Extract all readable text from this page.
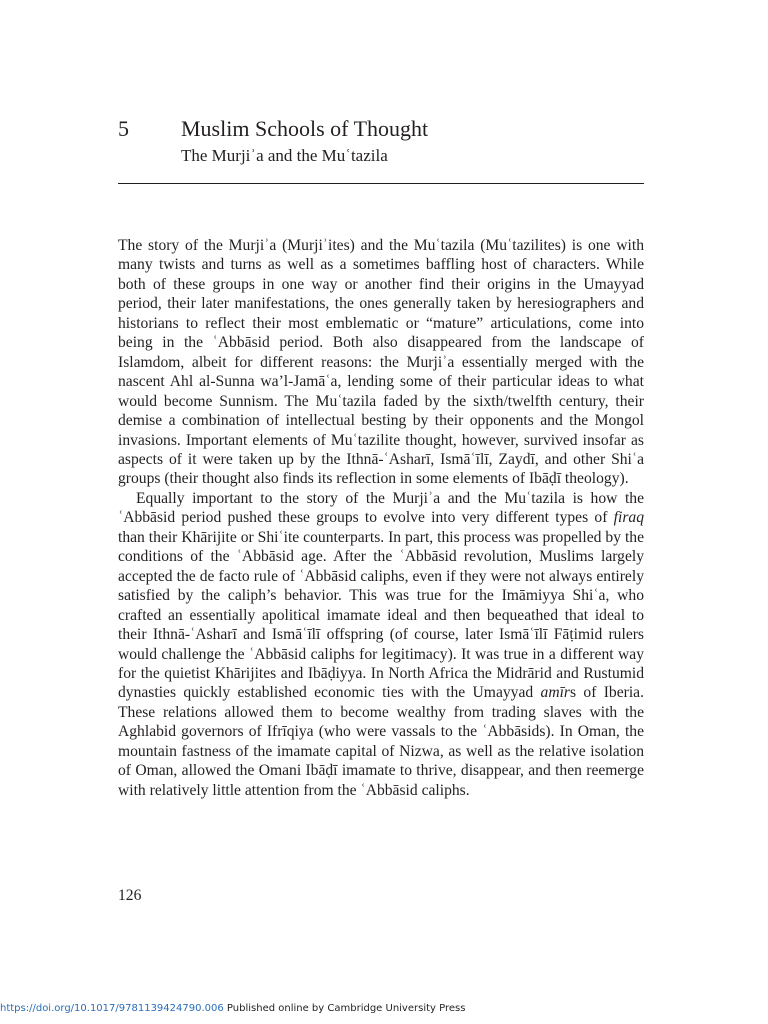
5 Muslim Schools of Thought
The Murjiʾa and the Muʿtazila

The story of the Murjiʾa (Murjiʾites) and the Muʿtazila (Muʿtazilites) is one with many twists and turns as well as a sometimes baffling host of characters. While both of these groups in one way or another find their origins in the Umayyad period, their later manifestations, the ones generally taken by heresiographers and historians to reflect their most emblematic or “mature” articulations, come into being in the ʿAbbāsid period. Both also disappeared from the landscape of Islamdom, albeit for different reasons: the Murjiʾa essentially merged with the nascent Ahl al-Sunna wa’l-Jamāʿa, lending some of their particular ideas to what would become Sunnism. The Muʿtazila faded by the sixth/twelfth century, their demise a combination of intellectual besting by their opponents and the Mongol invasions. Important elements of Muʿtazilite thought, however, survived insofar as aspects of it were taken up by the Ithnā-ʿAsharī, Ismāʿīlī, Zaydī, and other Shiʿa groups (their thought also finds its reflection in some elements of Ibāḍī theology).

Equally important to the story of the Murjiʾa and the Muʿtazila is how the ʿAbbāsid period pushed these groups to evolve into very different types of firaq than their Khārijite or Shiʿite counterparts. In part, this process was propelled by the conditions of the ʿAbbāsid age. After the ʿAbbāsid revolution, Muslims largely accepted the de facto rule of ʿAbbāsid caliphs, even if they were not always entirely satisfied by the caliph’s behavior. This was true for the Imāmiyya Shiʿa, who crafted an essentially apolitical imamate ideal and then bequeathed that ideal to their Ithnā-ʿAsharī and Ismāʿīlī offspring (of course, later Ismāʿīlī Fāṭimid rulers would challenge the ʿAbbāsid caliphs for legitimacy). It was true in a different way for the quietist Khārijites and Ibāḍiyya. In North Africa the Midrārid and Rustumid dynasties quickly established economic ties with the Umayyad amīrs of Iberia. These relations allowed them to become wealthy from trading slaves with the Aghlabid governors of Ifrīqiya (who were vassals to the ʿAbbāsids). In Oman, the mountain fastness of the imamate capital of Nizwa, as well as the relative isolation of Oman, allowed the Omani Ibāḍī imamate to thrive, disappear, and then reemerge with relatively little attention from the ʿAbbāsid caliphs.

126
https://doi.org/10.1017/9781139424790.006 Published online by Cambridge University Press
